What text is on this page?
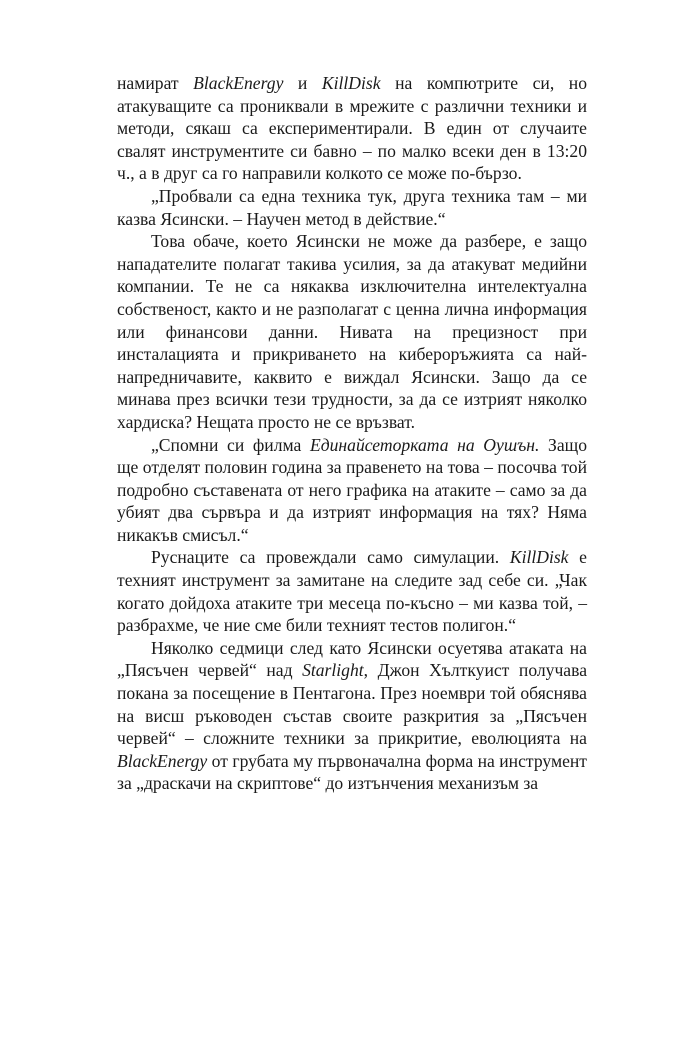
намират BlackEnergy и KillDisk на компютрите си, но атакуващите са прониквали в мрежите с различни техники и методи, сякаш са експериментирали. В един от случаите свалят инструментите си бавно – по малко всеки ден в 13:20 ч., а в друг са го направили колкото се може по-бързо.

„Пробвали са една техника тук, друга техника там – ми казва Ясински. – Научен метод в действие.“

Това обаче, което Ясински не може да разбере, е защо нападателите полагат такива усилия, за да атакуват медийни компании. Те не са някаква изключителна интелектуална собственост, както и не разполагат с ценна лична информация или финансови данни. Нивата на прецизност при инсталацията и прикриването на кибероръжията са най-напредничавите, каквито е виждал Ясински. Защо да се минава през всички тези трудности, за да се изтрият няколко хардиска? Нещата просто не се връзват.

„Спомни си филма Единайсеторката на Оушън. Защо ще отделят половин година за правенето на това – посочва той подробно съставената от него графика на атаките – само за да убият два сървъра и да изтрият информация на тях? Няма никакъв смисъл.“

Руснаците са провеждали само симулации. KillDisk е техният инструмент за замитане на следите зад себе си. „Чак когато дойдоха атаките три месеца по-късно – ми казва той, – разбрахме, че ние сме били техният тестов полигон.“

Няколко седмици след като Ясински осуетява атаката на „Пясъчен червей“ над Starlight, Джон Хълткуист получава покана за посещение в Пентагона. През ноември той обяснява на висш ръководен състав своите разкрития за „Пясъчен червей“ – сложните техники за прикритие, еволюцията на BlackEnergy от грубата му първоначална форма на инструмент за „драскачи на скриптове“ до изтънчения механизъм за
